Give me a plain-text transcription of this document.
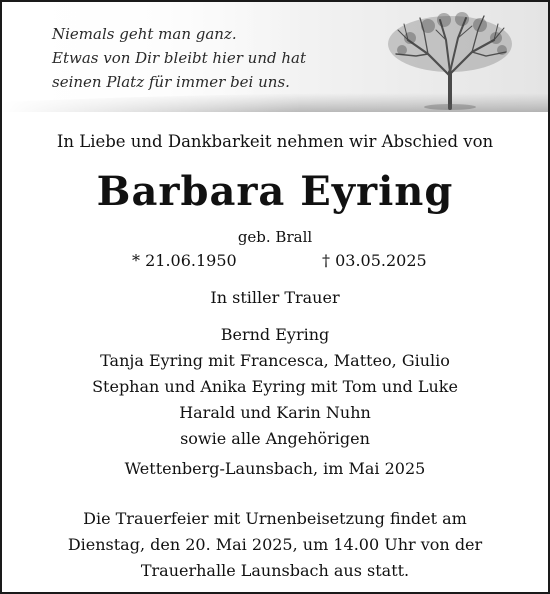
Niemals geht man ganz.
Etwas von Dir bleibt hier und hat
seinen Platz für immer bei uns.
In Liebe und Dankbarkeit nehmen wir Abschied von
Barbara Eyring
geb. Brall
* 21.06.1950	† 03.05.2025
In stiller Trauer
Bernd Eyring
Tanja Eyring mit Francesca, Matteo, Giulio
Stephan und Anika Eyring mit Tom und Luke
Harald und Karin Nuhn
sowie alle Angehörigen
Wettenberg-Launsbach, im Mai 2025
Die Trauerfeier mit Urnenbeisetzung findet am
Dienstag, den 20. Mai 2025, um 14.00 Uhr von der
Trauerhalle Launsbach aus statt.
